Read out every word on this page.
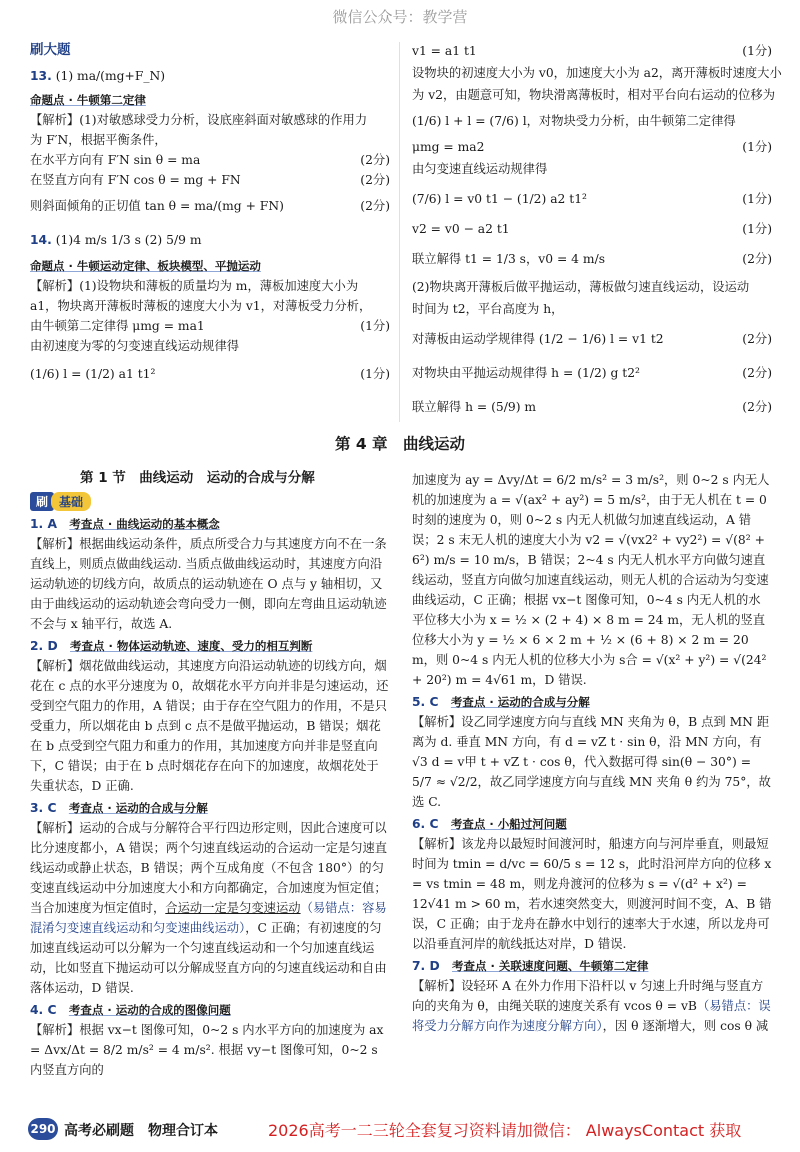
微信公众号：教学营
刷大题
13. (1) ma/(mg+F_N)
命题点 · 牛顿第二定律
【解析】(1)对敏感球受力分析，设底座斜面对敏感球的作用力
为 F′N，根据平衡条件，
在水平方向有 F′N sin θ = ma	(2分)
在竖直方向有 F′N cos θ = mg + FN	(2分)
则斜面倾角的正切值 tan θ = ma/(mg + FN)	(2分)
14. (1)4 m/s 1/3 s (2) 5/9 m
命题点 · 牛顿运动定律、板块模型、平抛运动
【解析】(1)设物块和薄板的质量均为 m，薄板加速度大小为
a1，物块离开薄板时薄板的速度大小为 v1，对薄板受力分析，
由牛顿第二定律得 μmg = ma1	(1分)
由初速度为零的匀变速直线运动规律得
(1/6) l = (1/2) a1 t1²	(1分)
v1 = a1 t1	(1分)
设物块的初速度大小为 v0，加速度大小为 a2，离开薄板时速度大小
为 v2，由题意可知，物块滑离薄板时，相对平台向右运动的位移为
(1/6) l + l = (7/6) l，对物块受力分析，由牛顿第二定律得
μmg = ma2	(1分)
由匀变速直线运动规律得
(7/6) l = v0 t1 − (1/2) a2 t1²	(1分)
v2 = v0 − a2 t1	(1分)
联立解得 t1 = 1/3 s，v0 = 4 m/s	(2分)
(2)物块离开薄板后做平抛运动，薄板做匀速直线运动，设运动
时间为 t2，平台高度为 h，
对薄板由运动学规律得 (1/2 − 1/6) l = v1 t2	(2分)
对物块由平抛运动规律得 h = (1/2) g t2²	(2分)
联立解得 h = (5/9) m	(2分)
第 4 章　曲线运动
第 1 节　曲线运动　运动的合成与分解
刷 基础
1. A　 考查点 · 曲线运动的基本概念
【解析】根据曲线运动条件，质点所受合力与其速度方向不在一条直线上，则质点做曲线运动. 当质点做曲线运动时，其速度方向沿运动轨迹的切线方向，故质点的运动轨迹在 O 点与 y 轴相切，又由于曲线运动的运动轨迹会弯向受力一侧，即向左弯曲且运动轨迹不会与 x 轴平行，故选 A.
2. D　 考查点 · 物体运动轨迹、速度、受力的相互判断
【解析】烟花做曲线运动，其速度方向沿运动轨迹的切线方向，烟花在 c 点的水平分速度为 0，故烟花水平方向并非是匀速运动，还受到空气阻力的作用，A 错误；由于存在空气阻力的作用，不是只受重力，所以烟花由 b 点到 c 点不是做平抛运动，B 错误；烟花在 b 点受到空气阻力和重力的作用，其加速度方向并非是竖直向下，C 错误；由于在 b 点时烟花存在向下的加速度，故烟花处于失重状态，D 正确.
3. C　 考查点 · 运动的合成与分解
【解析】运动的合成与分解符合平行四边形定则，因此合速度可以比分速度都小，A 错误；两个匀速直线运动的合运动一定是匀速直线运动或静止状态，B 错误；两个互成角度（不包含 180°）的匀变速直线运动中分加速度大小和方向都确定，合加速度为恒定值；当合加速度为恒定值时，合运动一定是匀变速运动（易错点：容易混淆匀变速直线运动和匀变速曲线运动），C 正确；有初速度的匀加速直线运动可以分解为一个匀速直线运动和一个匀加速直线运动，比如竖直下抛运动可以分解成竖直方向的匀速直线运动和自由落体运动，D 错误.
4. C　 考查点 · 运动的合成的图像问题
【解析】根据 vx−t 图像可知，0~2 s 内水平方向的加速度为 ax = Δvx/Δt = 8/2 m/s² = 4 m/s². 根据 vy−t 图像可知，0~2 s 内竖直方向的
加速度为 ay = Δvy/Δt = 6/2 m/s² = 3 m/s²，则 0~2 s 内无人机的加速度为 a = √(ax² + ay²) = 5 m/s²，由于无人机在 t = 0 时刻的速度为 0，则 0~2 s 内无人机做匀加速直线运动，A 错误；2 s 末无人机的速度大小为 v2 = √(vx2² + vy2²) = √(8² + 6²) m/s = 10 m/s，B 错误；2~4 s 内无人机水平方向做匀速直线运动，竖直方向做匀加速直线运动，则无人机的合运动为匀变速曲线运动，C 正确；根据 vx−t 图像可知，0~4 s 内无人机的水平位移大小为 x = ½ × (2 + 4) × 8 m = 24 m，无人机的竖直位移大小为 y = ½ × 6 × 2 m + ½ × (6 + 8) × 2 m = 20 m，则 0~4 s 内无人机的位移大小为 s合 = √(x² + y²) = √(24² + 20²) m = 4√61 m，D 错误.
5. C　 考查点 · 运动的合成与分解
【解析】设乙同学速度方向与直线 MN 夹角为 θ，B 点到 MN 距离为 d. 垂直 MN 方向，有 d = vZ t · sin θ，沿 MN 方向，有 √3 d = v甲 t + vZ t · cos θ，代入数据可得 sin(θ − 30°) = 5/7 ≈ √2/2，故乙同学速度方向与直线 MN 夹角 θ 约为 75°，故选 C.
6. C　 考查点 · 小船过河问题
【解析】该龙舟以最短时间渡河时，船速方向与河岸垂直，则最短时间为 tmin = d/vc = 60/5 s = 12 s，此时沿河岸方向的位移 x = vs tmin = 48 m，则龙舟渡河的位移为 s = √(d² + x²) = 12√41 m > 60 m，若水速突然变大，则渡河时间不变，A、B 错误，C 正确；由于龙舟在静水中划行的速率大于水速，所以龙舟可以沿垂直河岸的航线抵达对岸，D 错误.
7. D　 考查点 · 关联速度问题、牛顿第二定律
【解析】设轻环 A 在外力作用下沿杆以 v 匀速上升时绳与竖直方向的夹角为 θ，由绳关联的速度关系有 vcos θ = vB（易错点：误将受力分解方向作为速度分解方向），因 θ 逐渐增大，则 cos θ 减
290 高考必刷题　物理合订本	2026高考一二三轮全套复习资料请加微信： AlwaysContact 获取
